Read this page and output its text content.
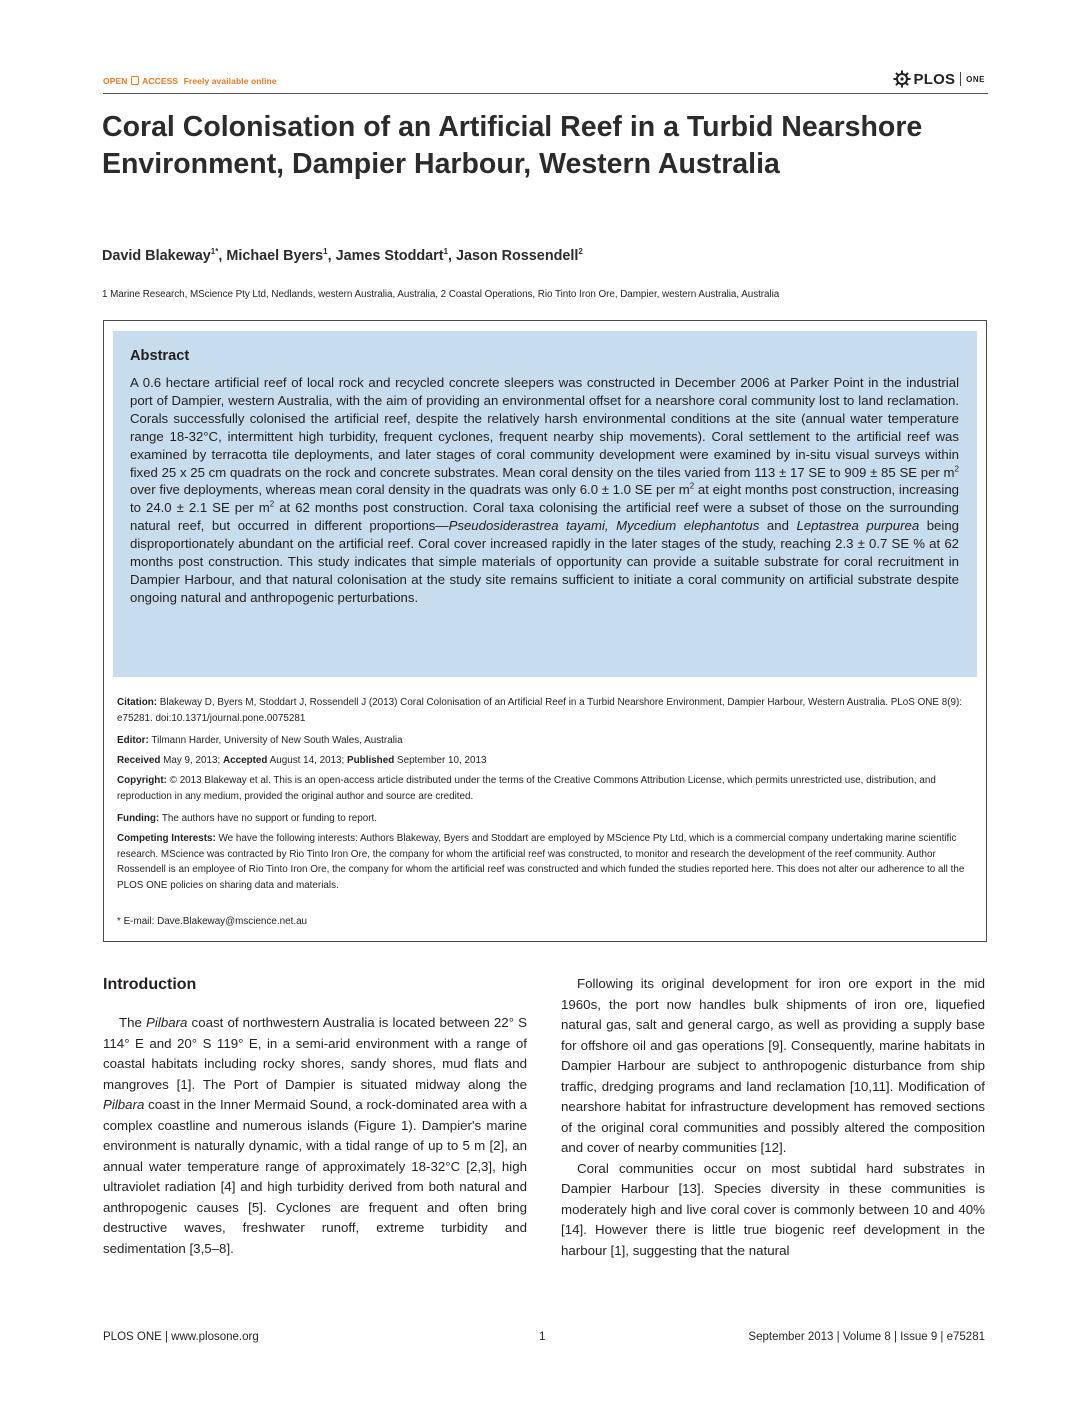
OPEN ACCESS Freely available online	PLOS ONE
Coral Colonisation of an Artificial Reef in a Turbid Nearshore Environment, Dampier Harbour, Western Australia
David Blakeway$^{1*}$, Michael Byers$^1$, James Stoddart$^1$, Jason Rossendell$^2$
1 Marine Research, MScience Pty Ltd, Nedlands, western Australia, Australia, 2 Coastal Operations, Rio Tinto Iron Ore, Dampier, western Australia, Australia
Abstract
A 0.6 hectare artificial reef of local rock and recycled concrete sleepers was constructed in December 2006 at Parker Point in the industrial port of Dampier, western Australia, with the aim of providing an environmental offset for a nearshore coral community lost to land reclamation. Corals successfully colonised the artificial reef, despite the relatively harsh environmental conditions at the site (annual water temperature range 18-32°C, intermittent high turbidity, frequent cyclones, frequent nearby ship movements). Coral settlement to the artificial reef was examined by terracotta tile deployments, and later stages of coral community development were examined by in-situ visual surveys within fixed 25 x 25 cm quadrats on the rock and concrete substrates. Mean coral density on the tiles varied from 113 ± 17 SE to 909 ± 85 SE per $m^2$ over five deployments, whereas mean coral density in the quadrats was only 6.0 ± 1.0 SE per $m^2$ at eight months post construction, increasing to 24.0 ± 2.1 SE per $m^2$ at 62 months post construction. Coral taxa colonising the artificial reef were a subset of those on the surrounding natural reef, but occurred in different proportions—Pseudosiderastrea tayami, Mycedium elephantotus and Leptastrea purpurea being disproportionately abundant on the artificial reef. Coral cover increased rapidly in the later stages of the study, reaching 2.3 ± 0.7 SE % at 62 months post construction. This study indicates that simple materials of opportunity can provide a suitable substrate for coral recruitment in Dampier Harbour, and that natural colonisation at the study site remains sufficient to initiate a coral community on artificial substrate despite ongoing natural and anthropogenic perturbations.
Citation: Blakeway D, Byers M, Stoddart J, Rossendell J (2013) Coral Colonisation of an Artificial Reef in a Turbid Nearshore Environment, Dampier Harbour, Western Australia. PLoS ONE 8(9): e75281. doi:10.1371/journal.pone.0075281
Editor: Tilmann Harder, University of New South Wales, Australia
Received May 9, 2013; Accepted August 14, 2013; Published September 10, 2013
Copyright: © 2013 Blakeway et al. This is an open-access article distributed under the terms of the Creative Commons Attribution License, which permits unrestricted use, distribution, and reproduction in any medium, provided the original author and source are credited.
Funding: The authors have no support or funding to report.
Competing Interests: We have the following interests: Authors Blakeway, Byers and Stoddart are employed by MScience Pty Ltd, which is a commercial company undertaking marine scientific research. MScience was contracted by Rio Tinto Iron Ore, the company for whom the artificial reef was constructed, to monitor and research the development of the reef community. Author Rossendell is an employee of Rio Tinto Iron Ore, the company for whom the artificial reef was constructed and which funded the studies reported here. This does not alter our adherence to all the PLOS ONE policies on sharing data and materials.
* E-mail: Dave.Blakeway@mscience.net.au
Introduction

The Pilbara coast of northwestern Australia is located between 22° S 114° E and 20° S 119° E, in a semi-arid environment with a range of coastal habitats including rocky shores, sandy shores, mud flats and mangroves [1]. The Port of Dampier is situated midway along the Pilbara coast in the Inner Mermaid Sound, a rock-dominated area with a complex coastline and numerous islands (Figure 1). Dampier's marine environment is naturally dynamic, with a tidal range of up to 5 m [2], an annual water temperature range of approximately 18-32°C [2,3], high ultraviolet radiation [4] and high turbidity derived from both natural and anthropogenic causes [5]. Cyclones are frequent and often bring destructive waves, freshwater runoff, extreme turbidity and sedimentation [3,5–8].

Following its original development for iron ore export in the mid 1960s, the port now handles bulk shipments of iron ore, liquefied natural gas, salt and general cargo, as well as providing a supply base for offshore oil and gas operations [9]. Consequently, marine habitats in Dampier Harbour are subject to anthropogenic disturbance from ship traffic, dredging programs and land reclamation [10,11]. Modification of nearshore habitat for infrastructure development has removed sections of the original coral communities and possibly altered the composition and cover of nearby communities [12].

Coral communities occur on most subtidal hard substrates in Dampier Harbour [13]. Species diversity in these communities is moderately high and live coral cover is commonly between 10 and 40% [14]. However there is little true biogenic reef development in the harbour [1], suggesting that the natural

PLOS ONE | www.plosone.org	1	September 2013 | Volume 8 | Issue 9 | e75281
